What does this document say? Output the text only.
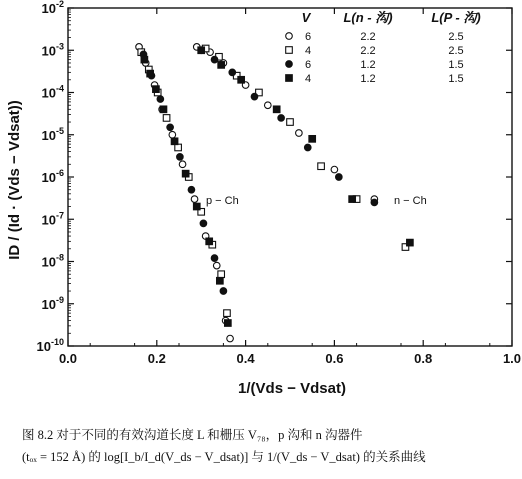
0.0	0.2	0.4	0.6	0.8	1.0
$10^{-10}$
$10^{-9}$
$10^{-8}$
$10^{-7}$
$10^{-6}$
$10^{-5}$
$10^{-4}$
$10^{-3}$
$10^{-2}$
ID / (Id · (Vds − Vdsat))
1/(Vds − Vdsat)
p − Ch	n − Ch
V	L(n - 沟)	L(P - 沟)
6	2.2	2.5
4	2.2	2.5
6	1.2	1.5
4	1.2	1.5
图 8.2 对于不同的有效沟道长度 L 和栅压 V₇₈，p 沟和 n 沟器件
(tₒₓ = 152 Å) 的 log[I_b/I_d(V_ds − V_dsat)] 与 1/(V_ds − V_dsat) 的关系曲线
